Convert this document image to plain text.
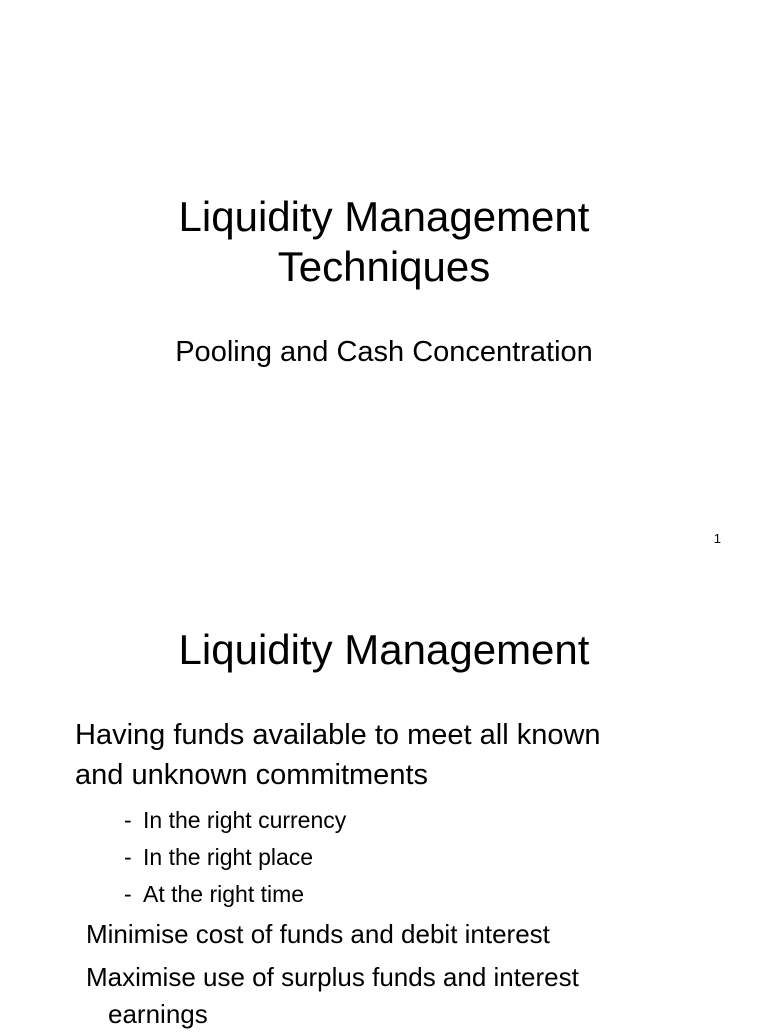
Liquidity Management
Techniques
Pooling and Cash Concentration
1
Liquidity Management
Having funds available to meet all known
and unknown commitments
- In the right currency
- In the right place
- At the right time
Minimise cost of funds and debit interest
Maximise use of surplus funds and interest
earnings
